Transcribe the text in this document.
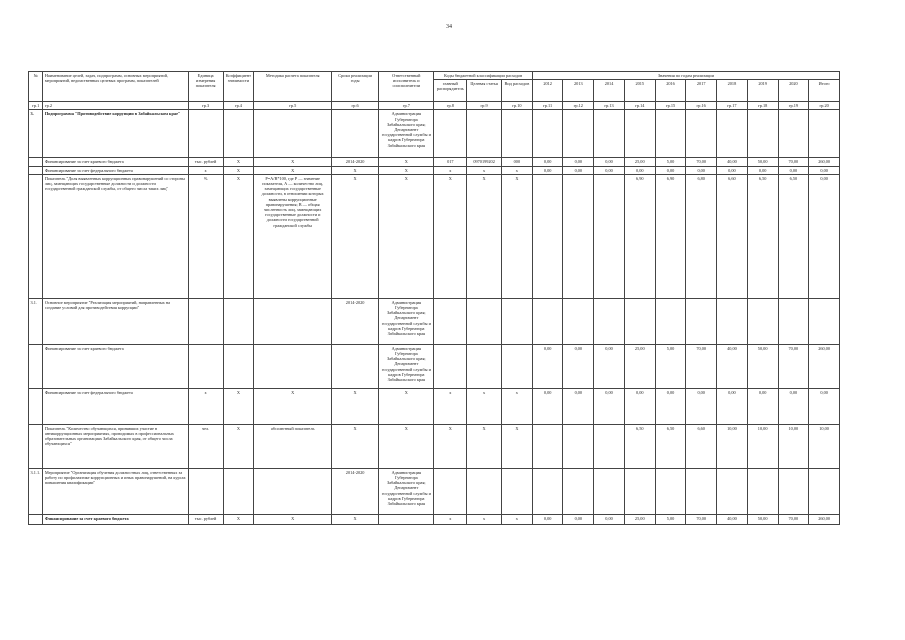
34
№	Наименование целей, задач, подпрограмм, основных мероприятий, мероприятий, ведомственных целевых программ, показателей	Единица измерения показателя	Коэффициент значимости	Методика расчета показателя	Сроки реализации годы	Ответственный исполнитель и соисполнители	Коды бюджетной классификации расходов			Значения по годам реализации									
							главный распорядитель	Целевая статья	Вид расходов	2012	2013	2014	2015	2016	2017	2018	2019	2020	Итого
гр.1	гр.2	гр.3	гр.4	гр.5	гр.6	гр.7	гр.8	гр.9	гр.10	гр.11	гр.12	гр.13	гр.14	гр.15	гр.16	гр.17	гр.18	гр.19	гр.20
3.	Подпрограмма "Противодействие коррупции в Забайкальском крае"					Администрация Губернатора Забайкальского края; Департамент государственной службы и кадров Губернатора Забайкальского края													
	Финансирование за счет краевого бюджета	тыс. рублей	Х	Х	2014-2020	Х	017	0970199202	000	0,00	0,00	0,00	25,00	5,00	70,00	40,00	50,00	70,00	260,00
	Финансирование за счет федерального бюджета	х	Х	Х	Х	Х	х	х	х	0,00	0,00	0,00	0,00	0,00	0,00	0,00	0,00	0,00	0,00
	Показатель "Доля выявленных коррупционных правонарушений со стороны лиц, замещающих государственные должности и должности государственной гражданской службы, от общего числа таких лиц"	%	Х	Р=А/В*100, где Р — значение показателя, А — количество лиц, замещающих государственные должности, в отношении которых выявлены коррупционные правонарушения; В — общая численность лиц, замещающих государственные должности и должности государственной гражданской службы	Х	Х	Х	Х	Х				6,90	6,90	6,80	6,60	6,50	6,50	0,00
3.1.	Основное мероприятие "Реализация мероприятий, направленных на создание условий для противодействия коррупции"				2014-2020	Администрация Губернатора Забайкальского края; Департамент государственной службы и кадров Губернатора Забайкальского края													
	Финансирование за счет краевого бюджета					Администрация Губернатора Забайкальского края; Департамент государственной службы и кадров Губернатора Забайкальского края				0,00	0,00	0,00	25,00	5,00	70,00	40,00	50,00	70,00	260,00
	Финансирование за счет федерального бюджета	х	Х	Х	Х	Х	х	х	х	0,00	0,00	0,00	0,00	0,00	0,00	0,00	0,00	0,00	0,00
	Показатель "Количество обучающихся, принявших участие в антикоррупционных мероприятиях, проводимых в профессиональных образовательных организациях Забайкальского края, от общего числа обучающихся"	чел.	Х	абсолютный показатель	Х	Х	Х	Х	Х				6,50	6,50	6,60	10,00	10,00	10,00	10,00
3.1.1.	Мероприятие "Организация обучения должностных лиц, ответственных за работу по профилактике коррупционных и иных правонарушений, на курсах повышения квалификации"				2014-2020	Администрация Губернатора Забайкальского края; Департамент государственной службы и кадров Губернатора Забайкальского края													
	Финансирование за счет краевого бюджета	тыс. рублей	Х	Х	Х		х	х	х	0,00	0,00	0,00	25,00	5,00	70,00	40,00	50,00	70,00	260,00
